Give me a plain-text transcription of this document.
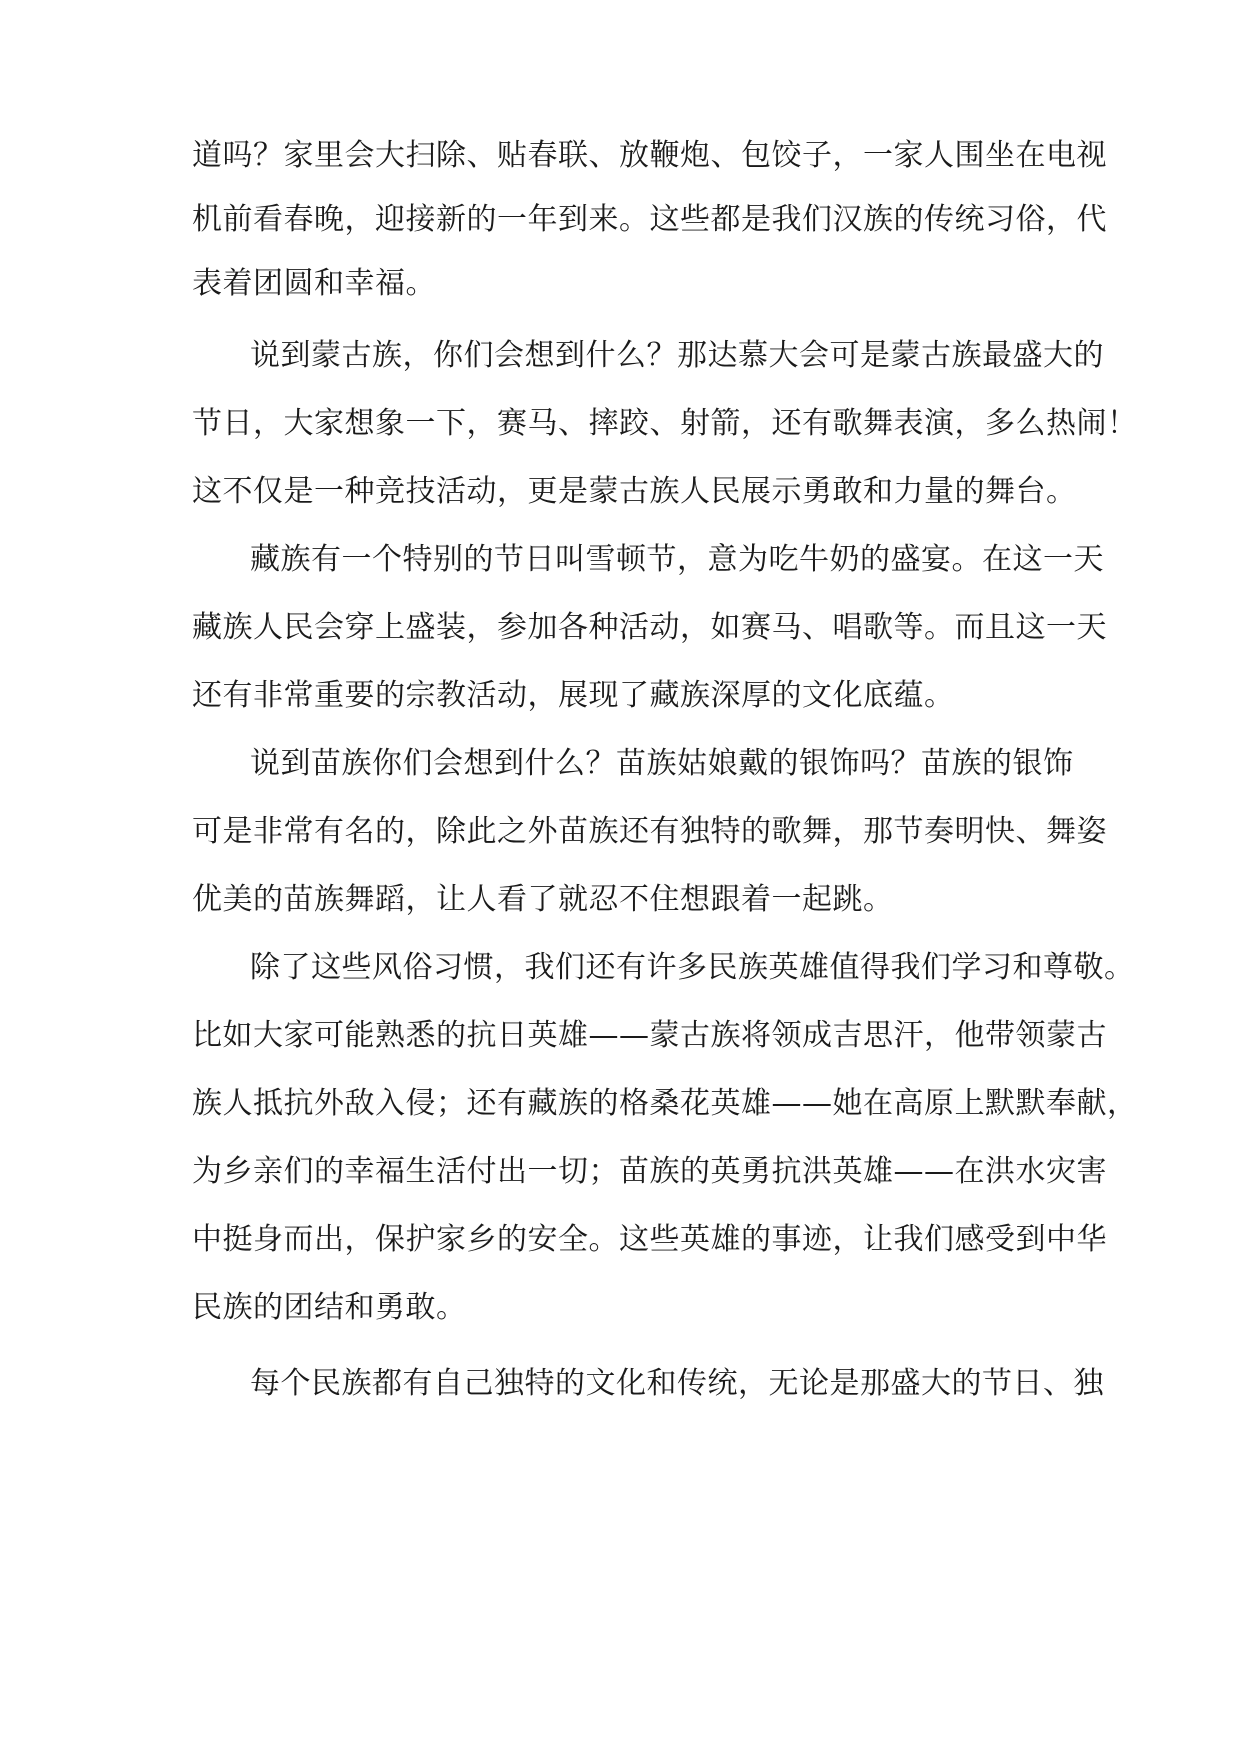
道吗？家里会大扫除、贴春联、放鞭炮、包饺子，一家人围坐在电视

机前看春晚，迎接新的一年到来。这些都是我们汉族的传统习俗，代

表着团圆和幸福。

说到蒙古族，你们会想到什么？那达慕大会可是蒙古族最盛大的

节日，大家想象一下，赛马、摔跤、射箭，还有歌舞表演，多么热闹！

这不仅是一种竞技活动，更是蒙古族人民展示勇敢和力量的舞台。

藏族有一个特别的节日叫雪顿节，意为吃牛奶的盛宴。在这一天

藏族人民会穿上盛装，参加各种活动，如赛马、唱歌等。而且这一天

还有非常重要的宗教活动，展现了藏族深厚的文化底蕴。

说到苗族你们会想到什么？苗族姑娘戴的银饰吗？苗族的银饰

可是非常有名的，除此之外苗族还有独特的歌舞，那节奏明快、舞姿

优美的苗族舞蹈，让人看了就忍不住想跟着一起跳。

除了这些风俗习惯，我们还有许多民族英雄值得我们学习和尊敬。

比如大家可能熟悉的抗日英雄——蒙古族将领成吉思汗，他带领蒙古

族人抵抗外敌入侵；还有藏族的格桑花英雄——她在高原上默默奉献，

为乡亲们的幸福生活付出一切；苗族的英勇抗洪英雄——在洪水灾害

中挺身而出，保护家乡的安全。这些英雄的事迹，让我们感受到中华

民族的团结和勇敢。

每个民族都有自己独特的文化和传统，无论是那盛大的节日、独
